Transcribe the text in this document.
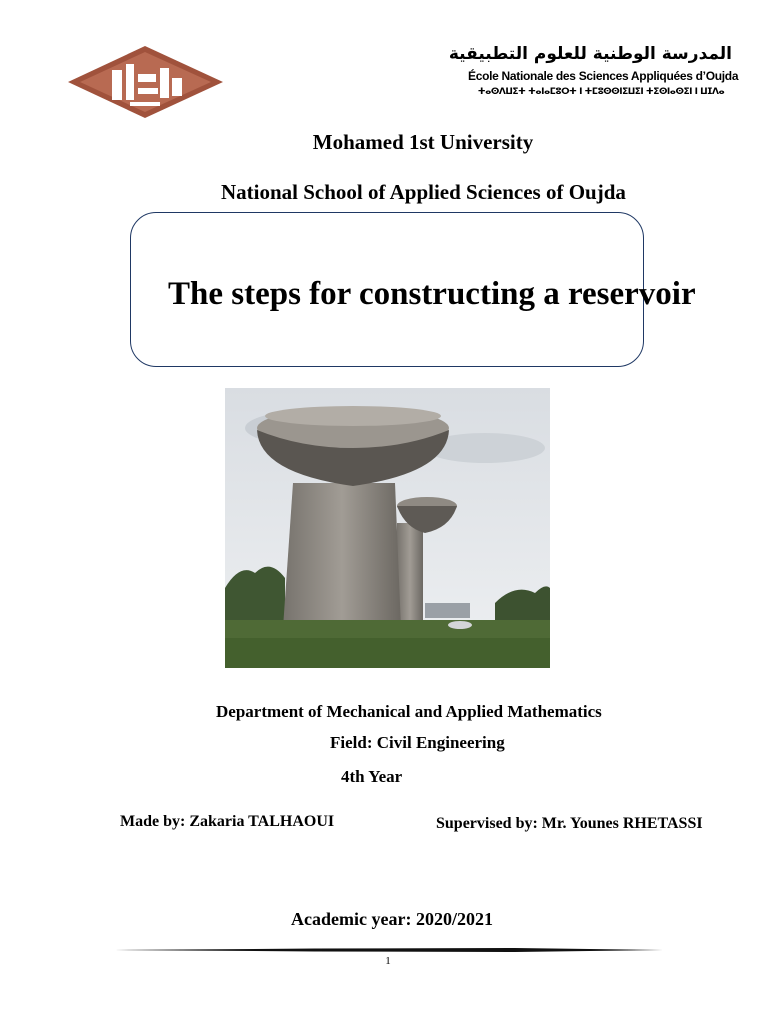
المدرسة الوطنية للعلوم التطبيقية
École Nationale des Sciences Appliquées d’Oujda
ⵜⴰⵙⴷⵡⵉⵜ ⵜⴰⵏⴰⵎⵓⵔⵜ ⵏ ⵜⵎⵓⵙⵙⵏⵉⵡⵉⵏ ⵜⵉⵙⵏⴰⵙⵉⵏ ⵏ ⵡⵊⴷⴰ
Mohamed 1st University
National School of Applied Sciences of Oujda
The steps for constructing a reservoir
Department of Mechanical and Applied Mathematics
Field: Civil Engineering
4th Year
Made by: Zakaria TALHAOUI	Supervised by: Mr. Younes RHETASSI
Academic year: 2020/2021
1
